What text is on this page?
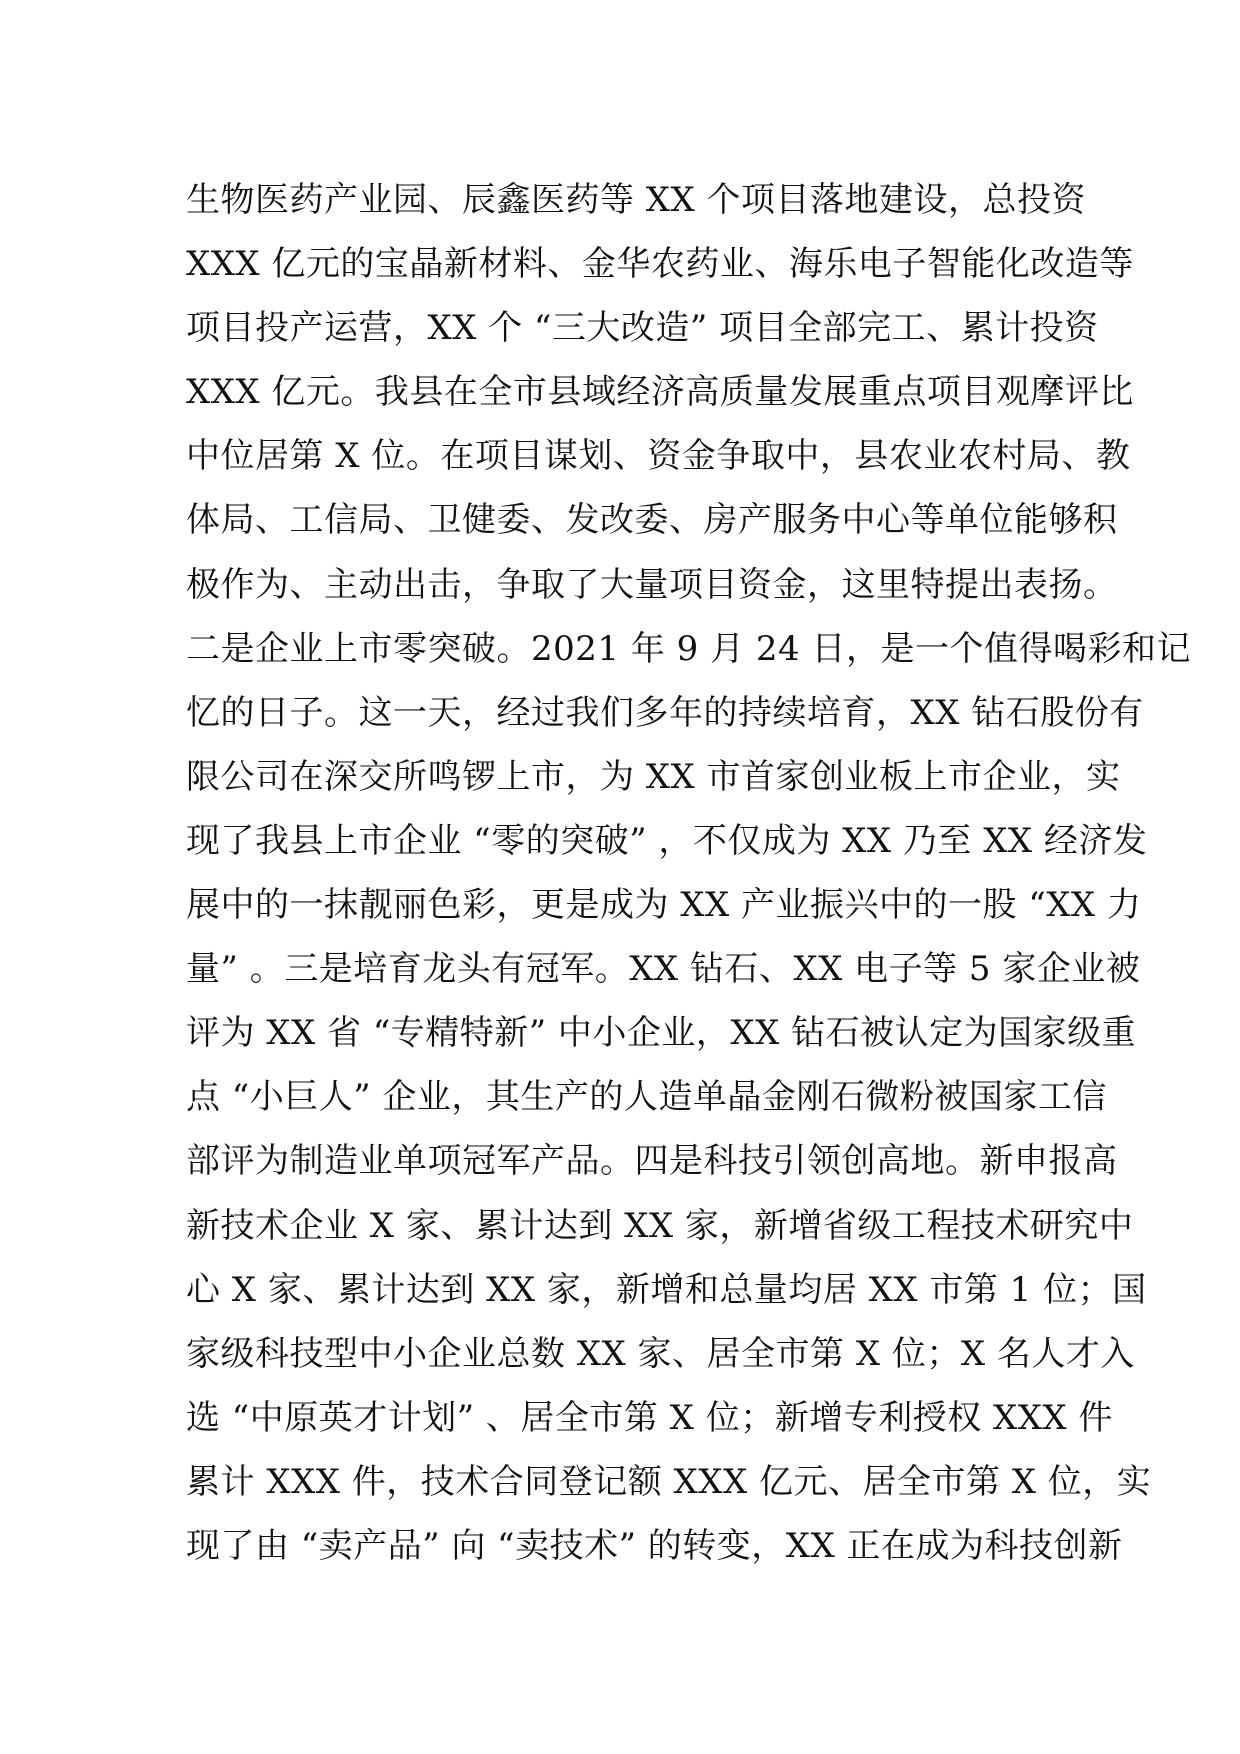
生物医药产业园、辰鑫医药等 XX 个项目落地建设，总投资
XXX 亿元的宝晶新材料、金华农药业、海乐电子智能化改造等
项目投产运营，XX 个 “三大改造” 项目全部完工、累计投资
XXX 亿元。我县在全市县域经济高质量发展重点项目观摩评比
中位居第 X 位。在项目谋划、资金争取中，县农业农村局、教
体局、工信局、卫健委、发改委、房产服务中心等单位能够积
极作为、主动出击，争取了大量项目资金，这里特提出表扬。
二是企业上市零突破。2021 年 9 月 24 日，是一个值得喝彩和记
忆的日子。这一天，经过我们多年的持续培育，XX 钻石股份有
限公司在深交所鸣锣上市，为 XX 市首家创业板上市企业，实
现了我县上市企业 “零的突破” ，不仅成为 XX 乃至 XX 经济发
展中的一抹靓丽色彩，更是成为 XX 产业振兴中的一股 “XX 力
量” 。三是培育龙头有冠军。XX 钻石、XX 电子等 5 家企业被
评为 XX 省 “专精特新” 中小企业，XX 钻石被认定为国家级重
点 “小巨人” 企业，其生产的人造单晶金刚石微粉被国家工信
部评为制造业单项冠军产品。四是科技引领创高地。新申报高
新技术企业 X 家、累计达到 XX 家，新增省级工程技术研究中
心 X 家、累计达到 XX 家，新增和总量均居 XX 市第 1 位；国
家级科技型中小企业总数 XX 家、居全市第 X 位；X 名人才入
选 “中原英才计划” 、居全市第 X 位；新增专利授权 XXX 件
累计 XXX 件，技术合同登记额 XXX 亿元、居全市第 X 位，实
现了由 “卖产品” 向 “卖技术” 的转变，XX 正在成为科技创新
